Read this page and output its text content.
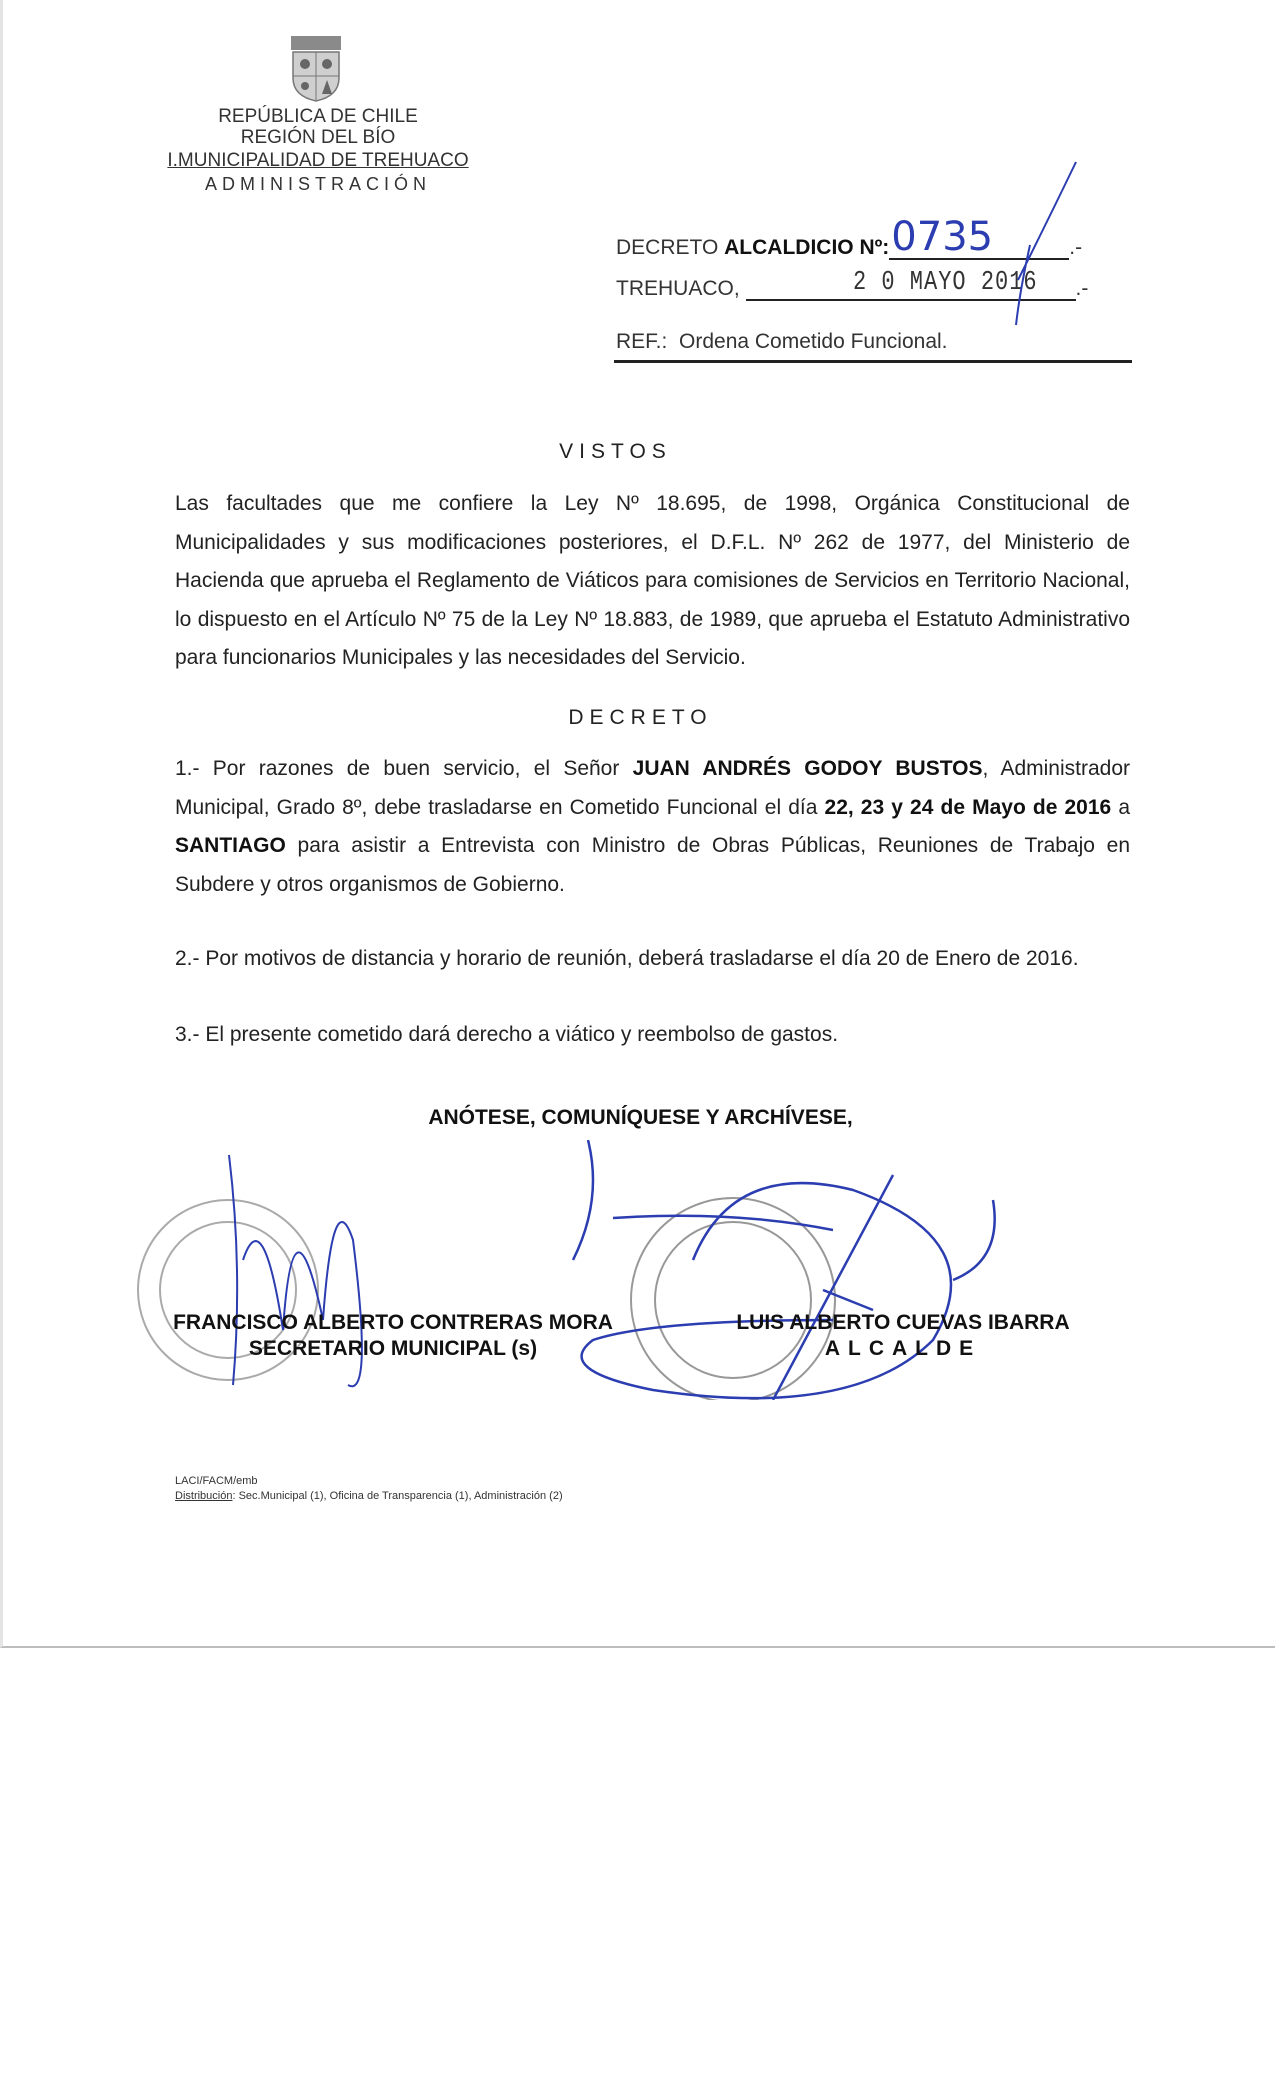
REPÚBLICA DE CHILE
REGIÓN DEL BÍO
I.MUNICIPALIDAD DE TREHUACO
ADMINISTRACIÓN
DECRETO ALCALDICIO Nº: 0735	.-
TREHUACO,	.-
2 0 MAYO 2016
REF.: Ordena Cometido Funcional.
VISTOS
Las facultades que me confiere la Ley Nº 18.695, de 1998, Orgánica Constitucional de Municipalidades y sus modificaciones posteriores, el D.F.L. Nº 262 de 1977, del Ministerio de Hacienda que aprueba el Reglamento de Viáticos para comisiones de Servicios en Territorio Nacional, lo dispuesto en el Artículo Nº 75 de la Ley Nº 18.883, de 1989, que aprueba el Estatuto Administrativo para funcionarios Municipales y las necesidades del Servicio.
DECRETO
1.- Por razones de buen servicio, el Señor JUAN ANDRÉS GODOY BUSTOS, Administrador Municipal, Grado 8º, debe trasladarse en Cometido Funcional el día 22, 23 y 24 de Mayo de 2016 a SANTIAGO para asistir a Entrevista con Ministro de Obras Públicas, Reuniones de Trabajo en Subdere y otros organismos de Gobierno.
2.- Por motivos de distancia y horario de reunión, deberá trasladarse el día 20 de Enero de 2016.
3.- El presente cometido dará derecho a viático y reembolso de gastos.
ANÓTESE, COMUNÍQUESE Y ARCHÍVESE,
FRANCISCO ALBERTO CONTRERAS MORA
SECRETARIO MUNICIPAL (s)
LUIS ALBERTO CUEVAS IBARRA
ALCALDE
LACI/FACM/emb
Distribución: Sec.Municipal (1), Oficina de Transparencia (1), Administración (2)
